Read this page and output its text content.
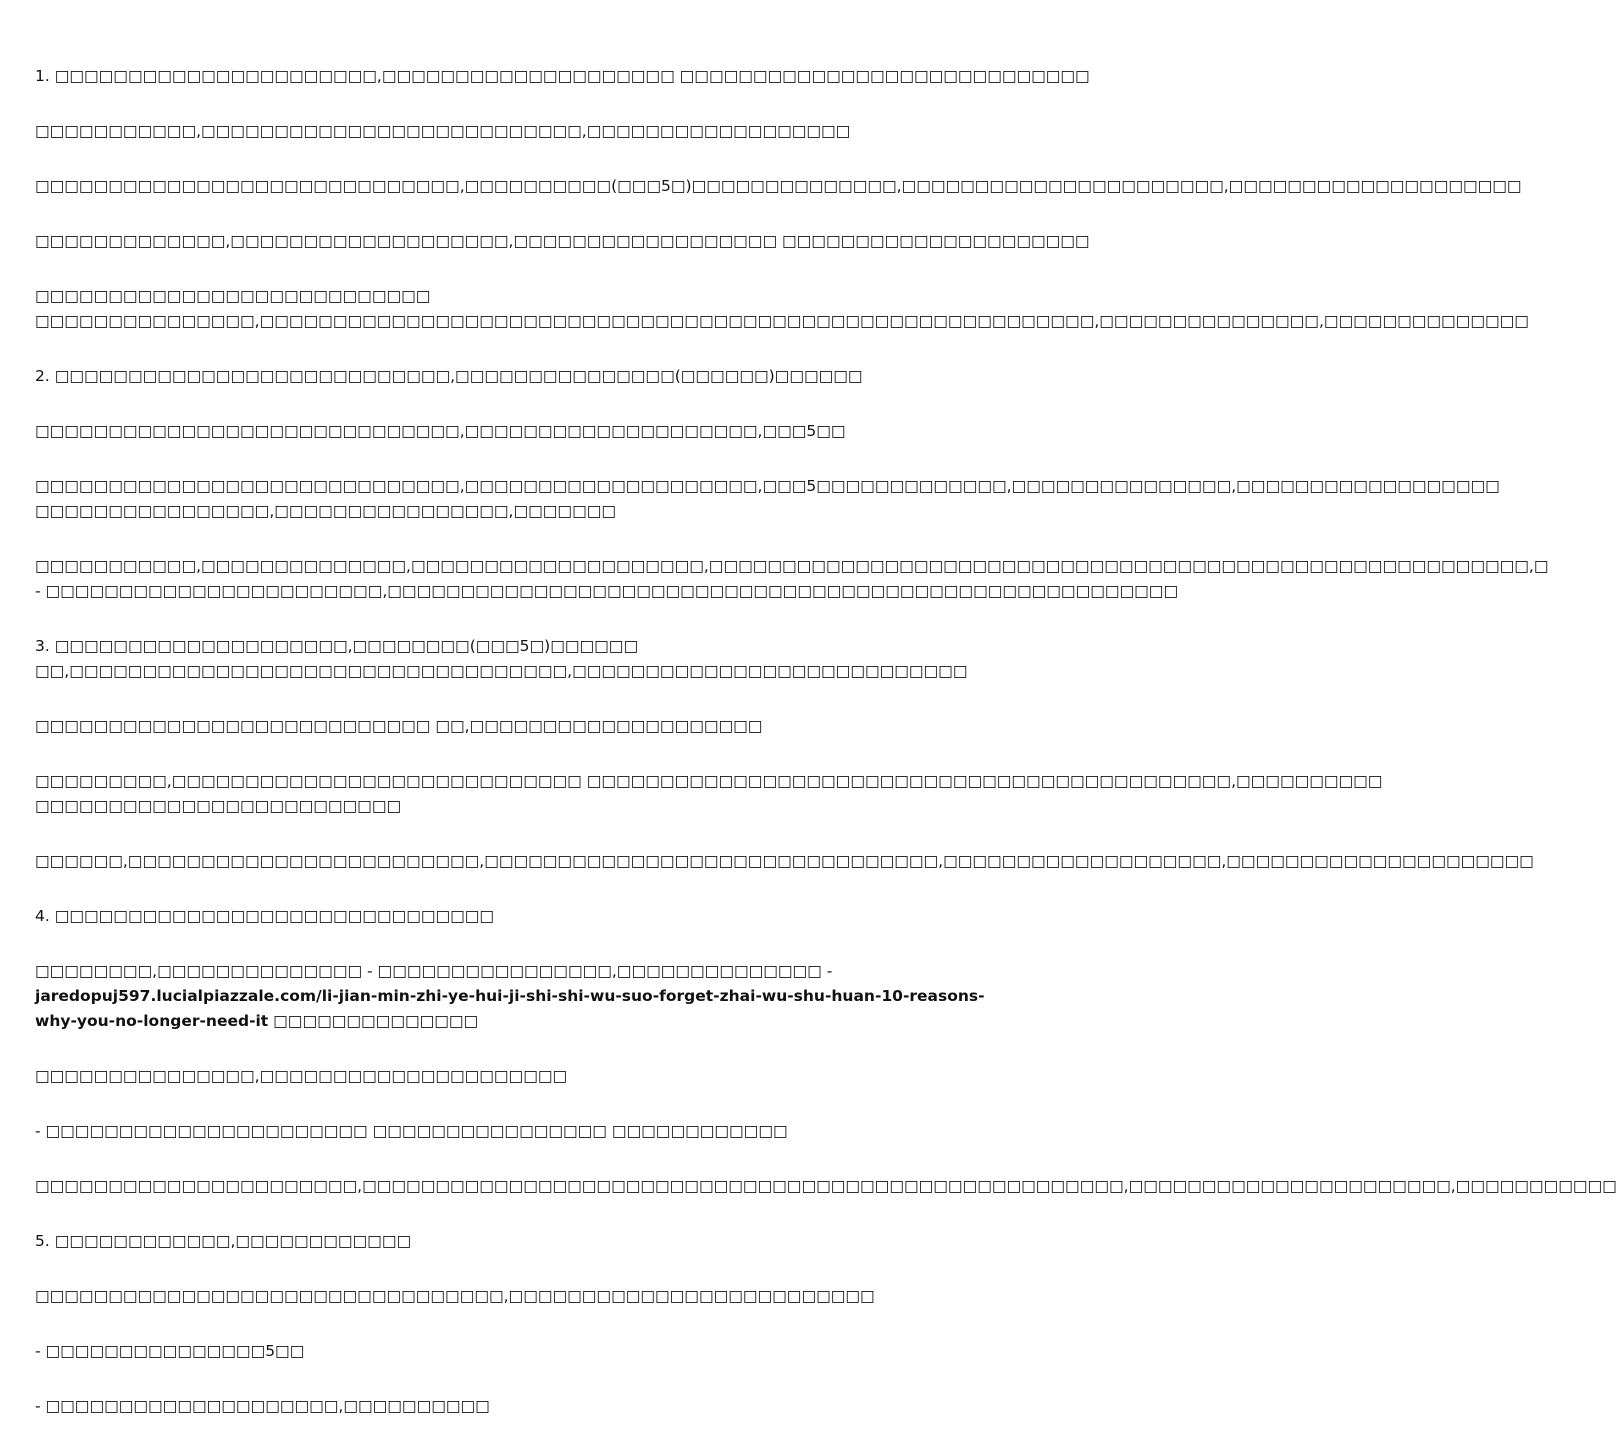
1. □□□□□□□□□□□□□□□□□□□□□□,□□□□□□□□□□□□□□□□□□□□ □□□□□□□□□□□□□□□□□□□□□□□□□□□□

□□□□□□□□□□□,□□□□□□□□□□□□□□□□□□□□□□□□□□,□□□□□□□□□□□□□□□□□□

□□□□□□□□□□□□□□□□□□□□□□□□□□□□□,□□□□□□□□□□(□□□5□)□□□□□□□□□□□□□□,□□□□□□□□□□□□□□□□□□□□□□,□□□□□□□□□□□□□□□□□□□□

□□□□□□□□□□□□□,□□□□□□□□□□□□□□□□□□□,□□□□□□□□□□□□□□□□□□ □□□□□□□□□□□□□□□□□□□□□

□□□□□□□□□□□□□□□□□□□□□□□□□□□
□□□□□□□□□□□□□□□,□□□□□□□□□□□□□□□□□□□□□□□□□□□□□□□□□□□□□□□□□□□□□□□□□□□□□□□□□,□□□□□□□□□□□□□□□,□□□□□□□□□□□□□□

2. □□□□□□□□□□□□□□□□□□□□□□□□□□□,□□□□□□□□□□□□□□□(□□□□□□)□□□□□□

□□□□□□□□□□□□□□□□□□□□□□□□□□□□□,□□□□□□□□□□□□□□□□□□□□,□□□5□□

□□□□□□□□□□□□□□□□□□□□□□□□□□□□□,□□□□□□□□□□□□□□□□□□□□,□□□5□□□□□□□□□□□□□,□□□□□□□□□□□□□□□,□□□□□□□□□□□□□□□□□□
□□□□□□□□□□□□□□□□,□□□□□□□□□□□□□□□□,□□□□□□□

□□□□□□□□□□□,□□□□□□□□□□□□□□,□□□□□□□□□□□□□□□□□□□□,□□□□□□□□□□□□□□□□□□□□□□□□□□□□□□□□□□□□□□□□□□□□□□□□□□□□□□□□,□
- □□□□□□□□□□□□□□□□□□□□□□□,□□□□□□□□□□□□□□□□□□□□□□□□□□□□□□□□□□□□□□□□□□□□□□□□□□□□□□

3. □□□□□□□□□□□□□□□□□□□□,□□□□□□□□(□□□5□)□□□□□□
□□,□□□□□□□□□□□□□□□□□□□□□□□□□□□□□□□□□□,□□□□□□□□□□□□□□□□□□□□□□□□□□□

□□□□□□□□□□□□□□□□□□□□□□□□□□□ □□,□□□□□□□□□□□□□□□□□□□□

□□□□□□□□□,□□□□□□□□□□□□□□□□□□□□□□□□□□□□ □□□□□□□□□□□□□□□□□□□□□□□□□□□□□□□□□□□□□□□□□□□□,□□□□□□□□□□
□□□□□□□□□□□□□□□□□□□□□□□□□

□□□□□□,□□□□□□□□□□□□□□□□□□□□□□□□,□□□□□□□□□□□□□□□□□□□□□□□□□□□□□□□,□□□□□□□□□□□□□□□□□□□,□□□□□□□□□□□□□□□□□□□□□

4. □□□□□□□□□□□□□□□□□□□□□□□□□□□□□□

□□□□□□□□,□□□□□□□□□□□□□□ - □□□□□□□□□□□□□□□□,□□□□□□□□□□□□□□ - jaredopuj597.lucialpiazzale.com/li-jian-min-zhi-ye-hui-ji-shi-shi-wu-suo-forget-zhai-wu-shu-huan-10-reasons-why-you-no-longer-need-it □□□□□□□□□□□□□□

□□□□□□□□□□□□□□□,□□□□□□□□□□□□□□□□□□□□□

- □□□□□□□□□□□□□□□□□□□□□□ □□□□□□□□□□□□□□□□ □□□□□□□□□□□□

□□□□□□□□□□□□□□□□□□□□□□,□□□□□□□□□□□□□□□□□□□□□□□□□□□□□□□□□□□□□□□□□□□□□□□□□□□□,□□□□□□□□□□□□□□□□□□□□□□,□□□□□□□□□□□

5. □□□□□□□□□□□□,□□□□□□□□□□□□

□□□□□□□□□□□□□□□□□□□□□□□□□□□□□□□□,□□□□□□□□□□□□□□□□□□□□□□□□□

- □□□□□□□□□□□□□□□5□□

- □□□□□□□□□□□□□□□□□□□□,□□□□□□□□□□
